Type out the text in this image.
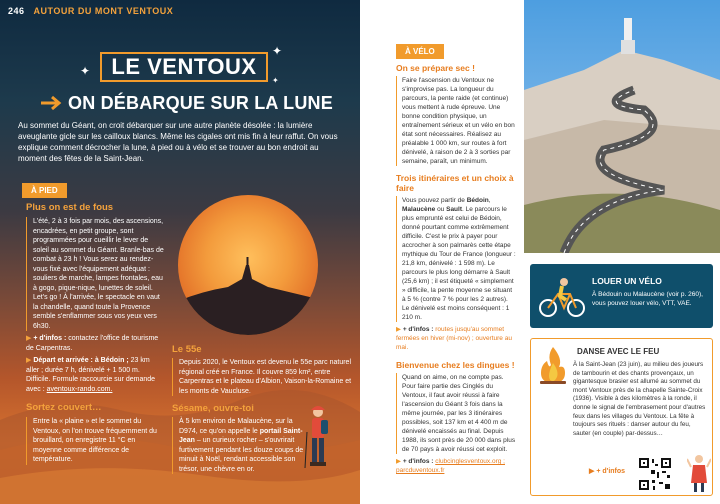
246 AUTOUR DU MONT VENTOUX
✦
✦
✦
LE VENTOUX
ON DÉBARQUE SUR LA LUNE

Au sommet du Géant, on croit débarquer sur une autre planète désolée : la lumière aveuglante gicle sur les cailloux blancs. Même les cigales ont mis fin à leur raffut. On vous explique comment décrocher la lune, à pied ou à vélo et se trouver au bon endroit au moment des fêtes de la Saint-Jean.

À PIED
Plus on est de fous

L'été, 2 à 3 fois par mois, des ascensions, encadrées, en petit groupe, sont programmées pour cueillir le lever de soleil au sommet du Géant. Branle-bas de combat à 23 h ! Vous serez au rendez-vous fixé avec l'équipement adéquat : souliers de marche, lampes frontales, eau à gogo, pique-nique, lunettes de soleil. Let's go ! À l'arrivée, le spectacle en vaut la chandelle, quand toute la Provence semble s'enflammer sous vos yeux vers 6h30.

▶ + d'infos : contactez l'office de tourisme de Carpentras.

▶ Départ et arrivée : à Bédoin ; 23 km aller ; durée 7 h, dénivelé + 1 500 m. Difficile. Formule raccourcie sur demande avec : aventoux-rando.com.

Sortez couvert…

Entre la « plaine » et le sommet du Ventoux, on l'on trouve fréquemment du brouillard, on enregistre 11 °C en moyenne comme différence de température.

Le 55e

Depuis 2020, le Ventoux est devenu le 55e parc naturel régional créé en France. Il couvre 859 km², entre Carpentras et le plateau d'Albion, Vaison-la-Romaine et les monts de Vaucluse.

Sésame, ouvre-toi

À 5 km environ de Malaucène, sur la D974, ce qu'on appelle le portail Saint-Jean – un curieux rocher – s'ouvrirait furtivement pendant les douze coups de minuit à Noël, rendant accessible son trésor, une chèvre en or.

À VÉLO
On se prépare sec !

Faire l'ascension du Ventoux ne s'improvise pas. La longueur du parcours, la pente raide (et continue) vous mettent à rude épreuve. Une bonne condition physique, un entraînement sérieux et un vélo en bon état sont nécessaires. Réalisez au préalable 1 000 km, sur routes à fort dénivelé, à raison de 2 à 3 sorties par semaine, paraît, un minimum.

Trois itinéraires et un choix à faire

Vous pouvez partir de Bédoin, Malaucène ou Sault. Le parcours le plus emprunté est celui de Bédoin, donné pourtant comme extrêmement difficile. C'est le prix à payer pour accrocher à son palmarès cette étape mythique du Tour de France (longueur : 21,8 km, dénivelé : 1 598 m). Le parcours le plus long démarre à Sault (25,6 km) ; il est étiqueté « simplement » difficile, la pente moyenne se situant à 5 % (contre 7 % pour les 2 autres). Le dénivelé est moins conséquent : 1 210 m.

▶ + d'infos : routes jusqu'au sommet fermées en hiver (mi-nov) ; ouverture au mai.

Bienvenue chez les dingues !

Quand on aime, on ne compte pas. Pour faire partie des Cinglés du Ventoux, il faut avoir réussi à faire l'ascension du Géant 3 fois dans la même journée, par les 3 itinéraires possibles, soit 137 km et 4 400 m de dénivelé encaissés au final. Depuis 1988, ils sont près de 20 000 dans plus de 70 pays à avoir réussi cet exploit.

▶ + d'infos : clubcinglesventoux.org ; parcduventoux.fr

LOUER UN VÉLO

À Bédouin ou Malaucène (voir p. 260), vous pouvez louer vélo, VTT, VAE.

DANSE AVEC LE FEU

À la Saint-Jean (23 juin), au milieu des joueurs de tambourin et des chants provençaux, un gigantesque brasier est allumé au sommet du mont Ventoux près de la chapelle Sainte-Croix (1936). Visible à des kilomètres à la ronde, il donne le signal de l'embrasement pour d'autres feux dans les villages du Ventoux. La fête à toujours ses rituels : danser autour du feu, sauter (en couple) par-dessus…

▶ + d'infos
